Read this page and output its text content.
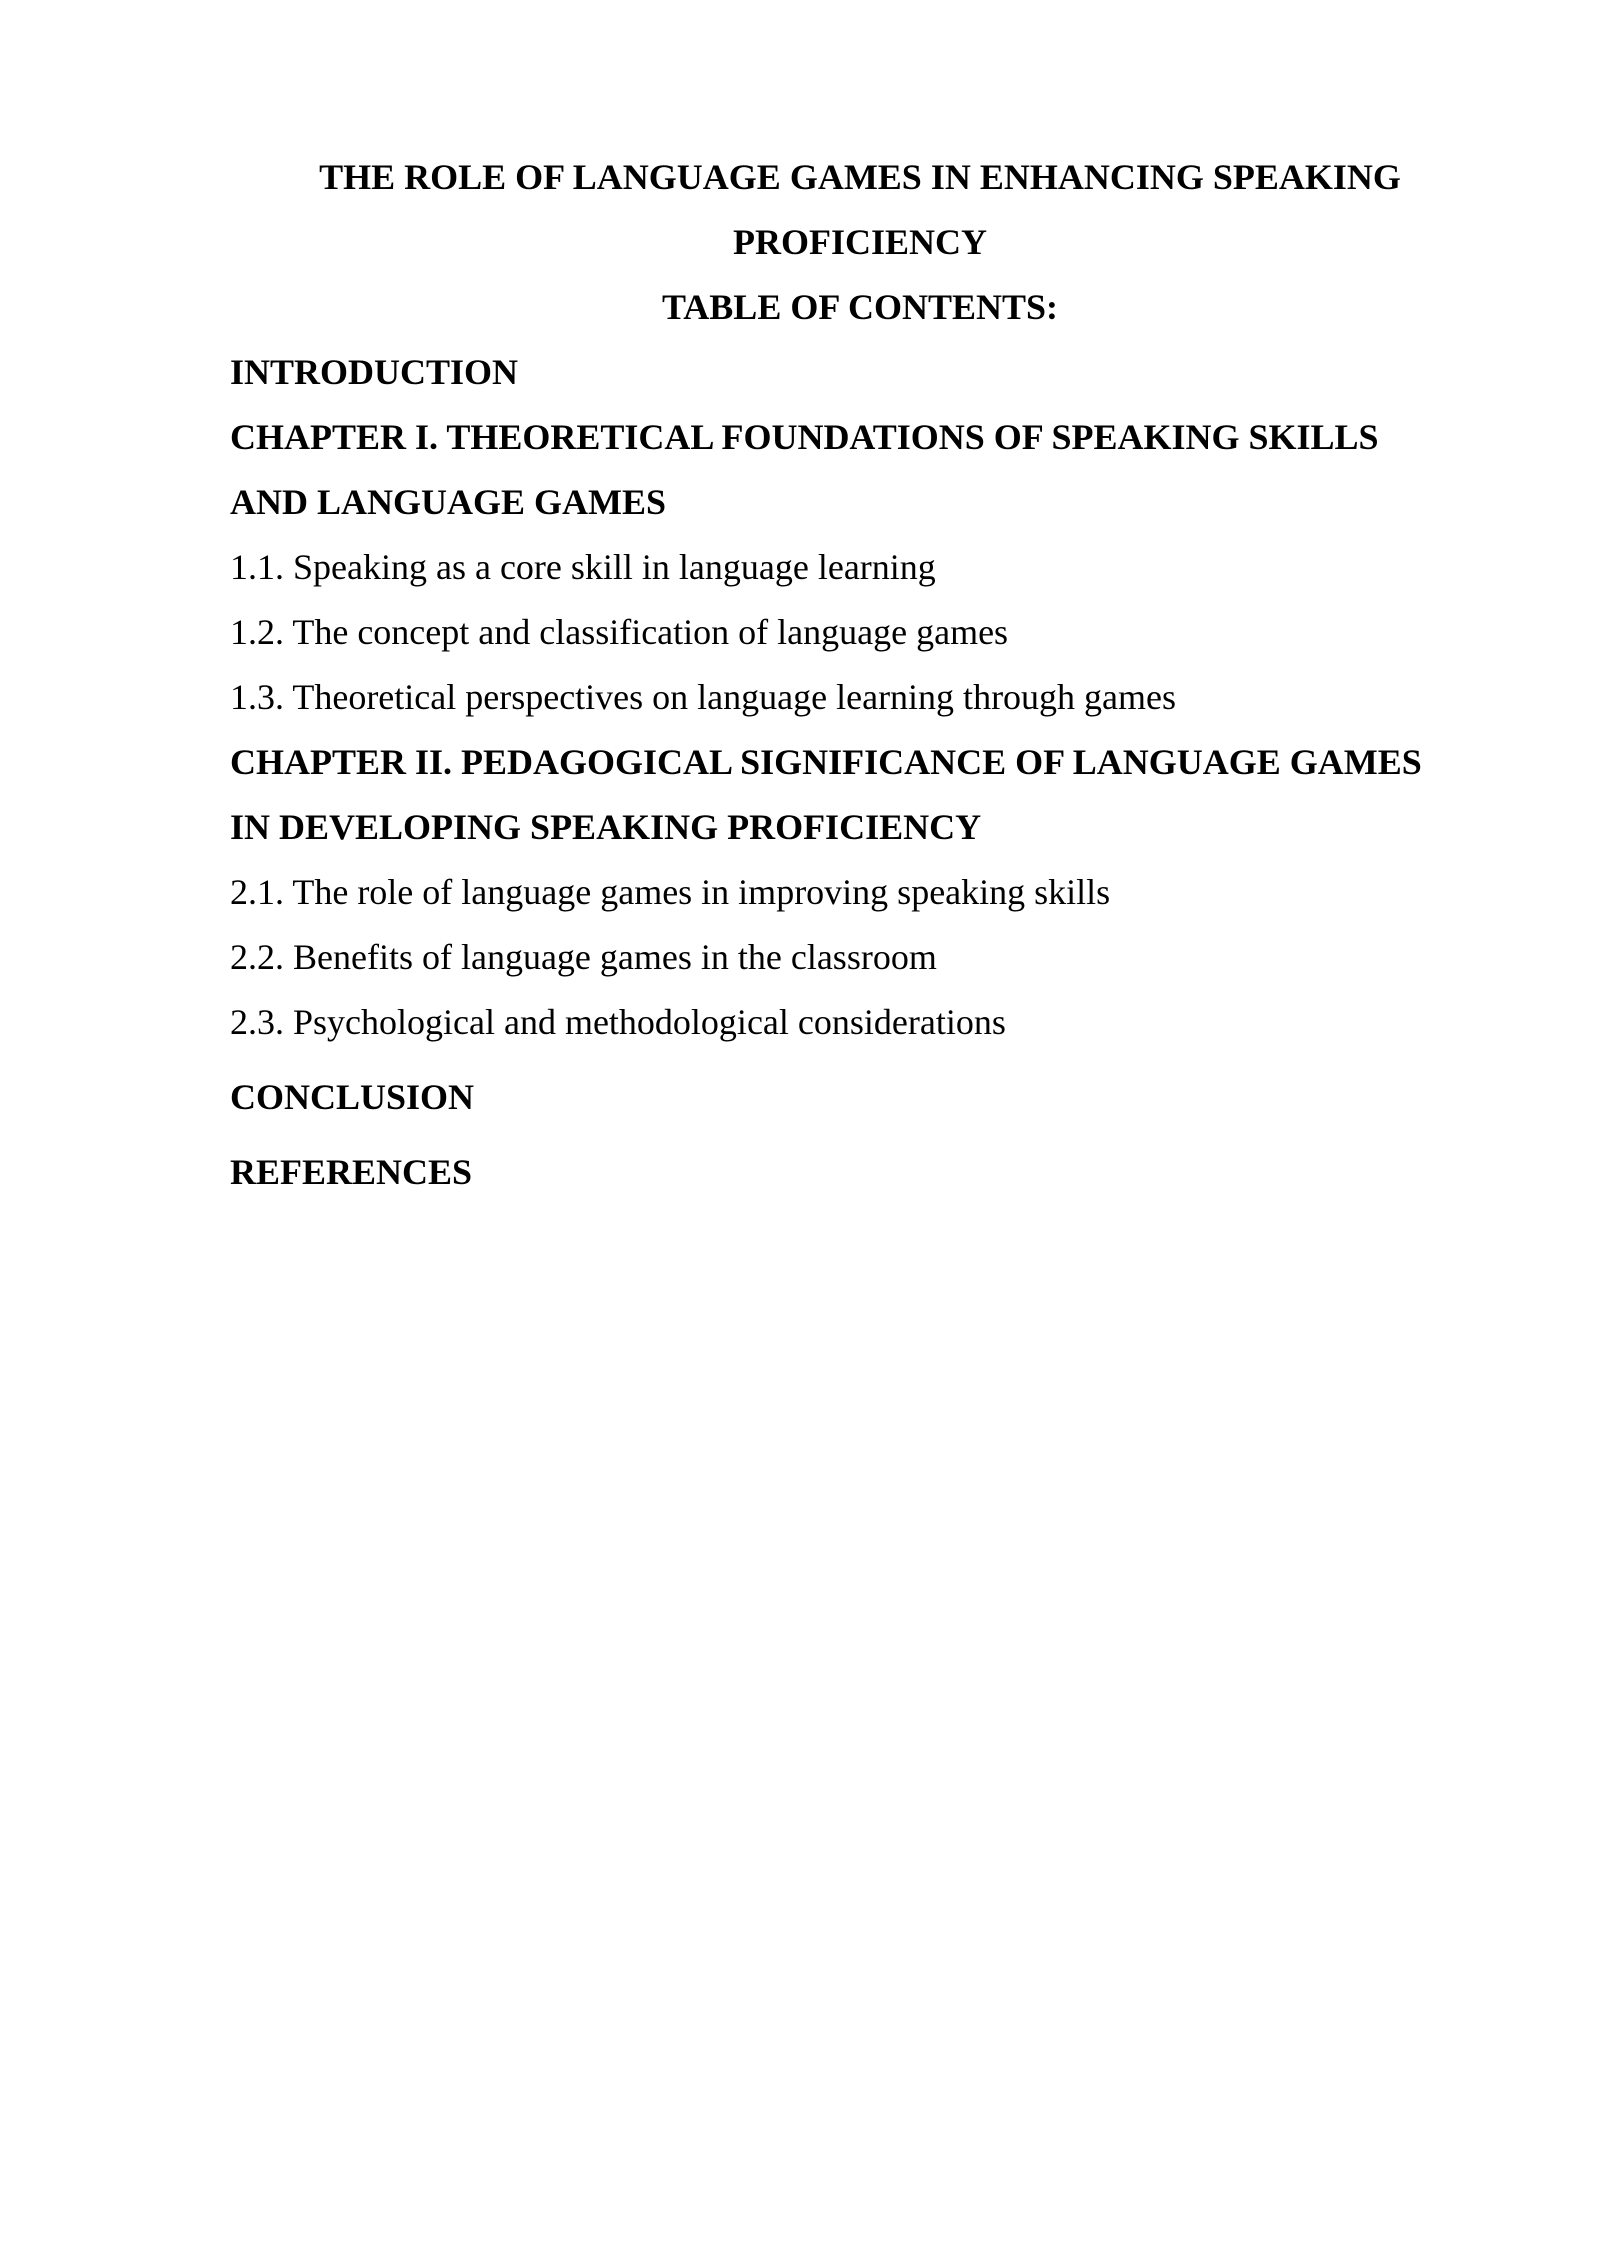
THE ROLE OF LANGUAGE GAMES IN ENHANCING SPEAKING
PROFICIENCY
TABLE OF CONTENTS:
INTRODUCTION
CHAPTER I. THEORETICAL FOUNDATIONS OF SPEAKING SKILLS
AND LANGUAGE GAMES
1.1. Speaking as a core skill in language learning
1.2. The concept and classification of language games
1.3. Theoretical perspectives on language learning through games
CHAPTER II. PEDAGOGICAL SIGNIFICANCE OF LANGUAGE GAMES
IN DEVELOPING SPEAKING PROFICIENCY
2.1. The role of language games in improving speaking skills
2.2. Benefits of language games in the classroom
2.3. Psychological and methodological considerations
CONCLUSION
REFERENCES
